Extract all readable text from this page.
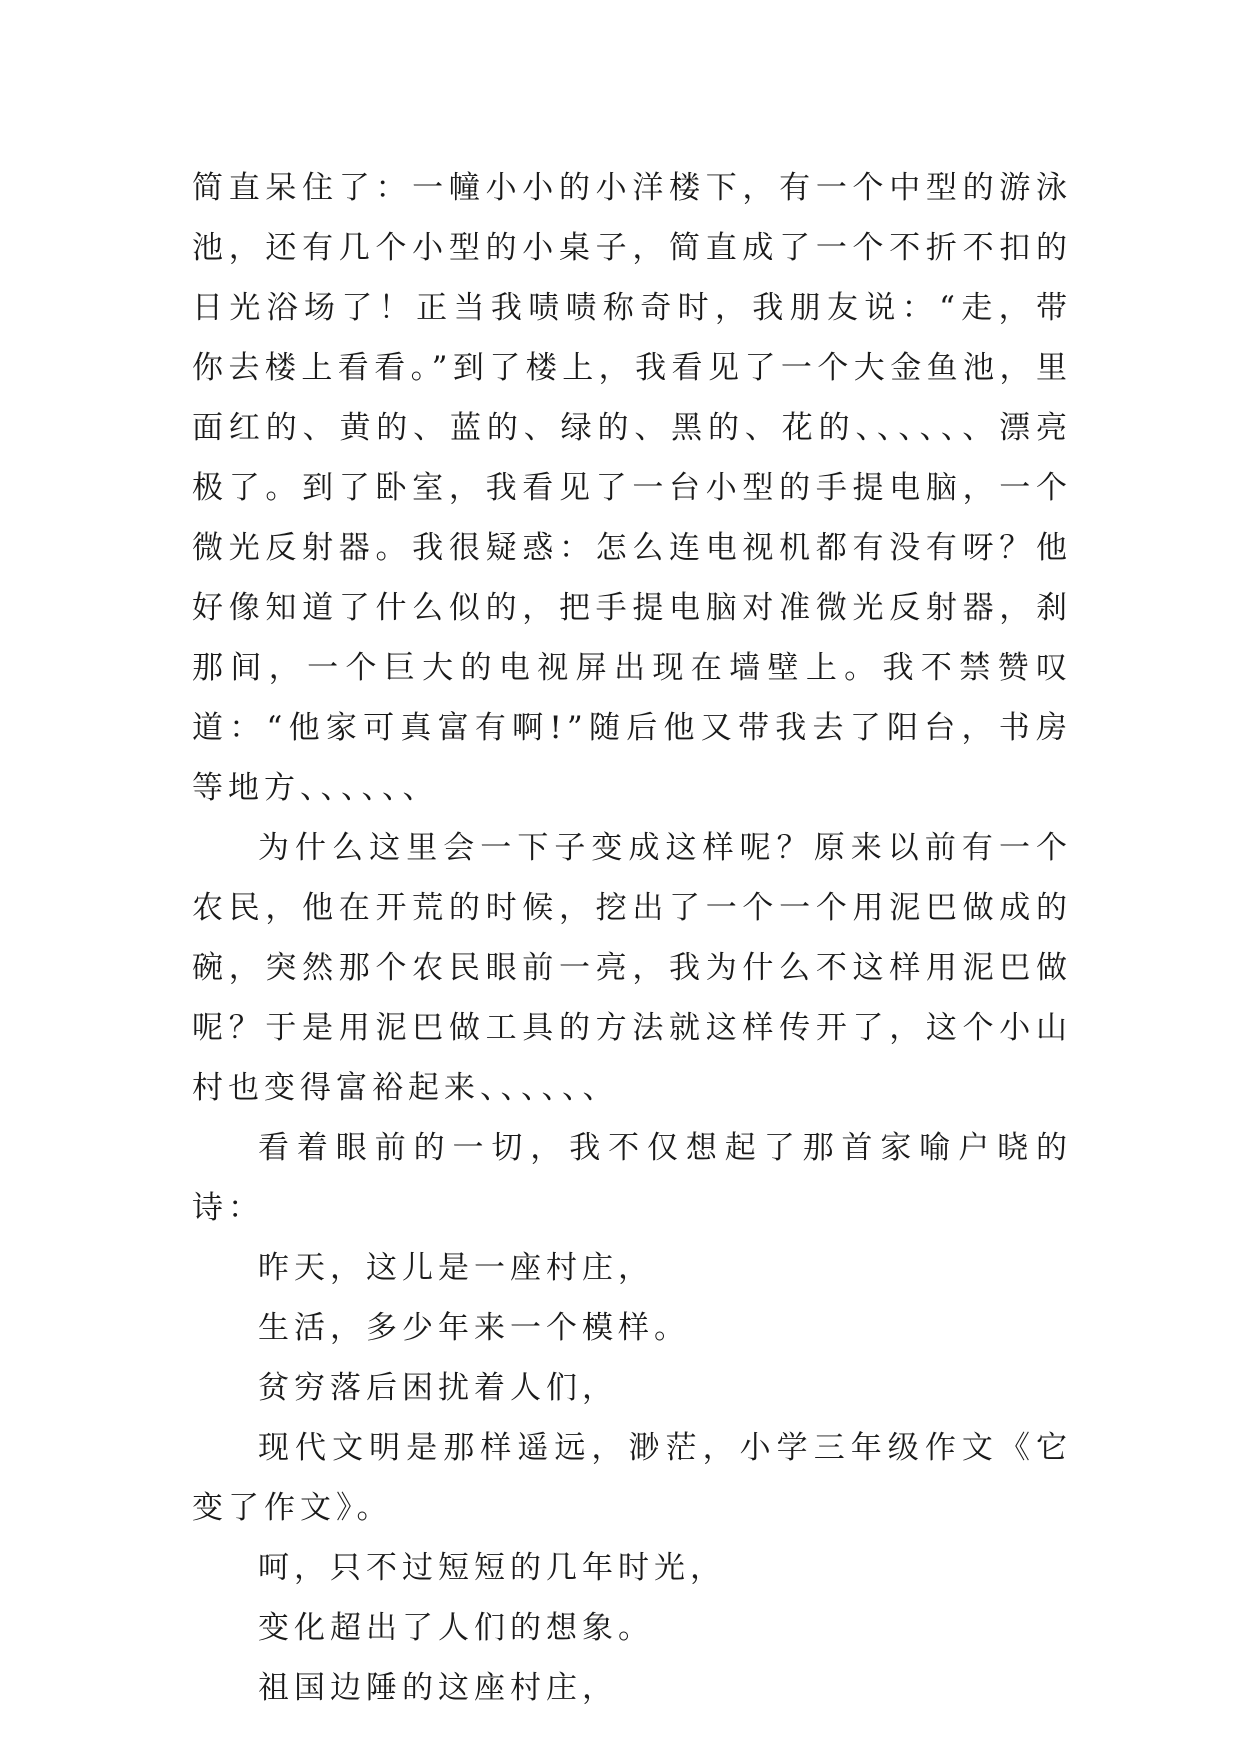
简直呆住了：一幢小小的小洋楼下，有一个中型的游泳池，还有几个小型的小桌子，简直成了一个不折不扣的日光浴场了！正当我啧啧称奇时，我朋友说：“走，带你去楼上看看。”到了楼上，我看见了一个大金鱼池，里面红的、黄的、蓝的、绿的、黑的、花的、、、、、、漂亮极了。到了卧室，我看见了一台小型的手提电脑，一个微光反射器。我很疑惑：怎么连电视机都有没有呀？他好像知道了什么似的，把手提电脑对准微光反射器，刹那间，一个巨大的电视屏出现在墙壁上。我不禁赞叹道：“他家可真富有啊!”随后他又带我去了阳台，书房等地方、、、、、、

为什么这里会一下子变成这样呢？原来以前有一个农民，他在开荒的时候，挖出了一个一个用泥巴做成的碗，突然那个农民眼前一亮，我为什么不这样用泥巴做呢？于是用泥巴做工具的方法就这样传开了，这个小山村也变得富裕起来、、、、、、

看着眼前的一切，我不仅想起了那首家喻户晓的诗：

昨天，这儿是一座村庄，

生活，多少年来一个模样。

贫穷落后困扰着人们，

现代文明是那样遥远，渺茫，小学三年级作文《它变了作文》。

呵，只不过短短的几年时光，

变化超出了人们的想象。

祖国边陲的这座村庄，
